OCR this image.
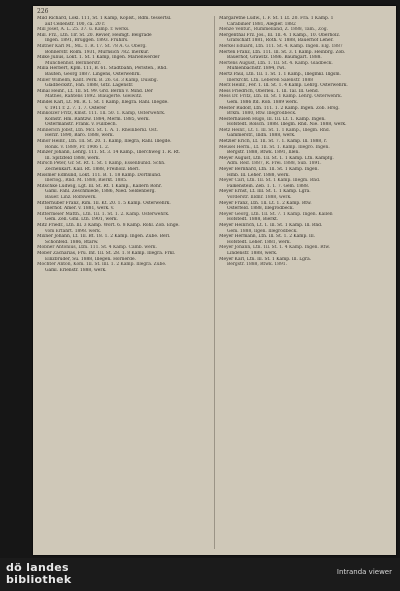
226
Mild Richard, Lokl. 111, St. 1 Kamp, Koplst., Rdm. tessertsl.
auf Cellenstr. 100, ca. 20 r.
Mill Josef, A. L. 25. 37. u. Kamp. r. werks.
Mill. Frz., Ltn. 1Ir. St. 20. Revier, Heimgt. Belgrade
Ingen. 1891, Brüggen. 1893. Frühlrs.
Miltner Karl M., ML. 1. R. 17. St. 78 A. G. Oberg.
Bohnerstr. Rolm. 1931, Mürnsich 782. merkur.
Milke Julius, Lokt. 1. St. 1 Kamp, Ingen. Marienwerder
Münchenhof. Berlinerstr.
Milla Herbert, Kpm. 111, B. 61. Stadtbahn, Perlsten., Rhd.
Bauten, Georg 1887. Lingens, Osterwehrk.
Miller Wilhelm, Kant. Perk. B. 26. Gl. 3 Kamp, Duisbg.
Gladbeckstr., Fah. 1888, Gltz. Lagenstr.
Minal Heinr., Lt. 1ll. St. 99. Grd. Berlin v. Mind. Der
Mathes, Rahtens 1892. Blaugerte. Gleiwitz.
Mindel Karl, Lt. Ml. R. 1. St. 1 Kamp, Illegra. Rahl. Illegde.
v. 1911 r. 2. 7. 1. 7. Osterer
Minkolzer Fritz, Kmst. 111. 1ll. 50. 1. Kamp, Osterwehrk.
Kölnstr. Hm. Rahtzw. 1884, Merm. 1885, werk.
Ostermanstr. Frank. v. Fullbech.
Minnerich Jobst, Ltn. Mcl. St. 1. A. 1. Rheinberkl. Ost.
Herzr. 1890, Baro. 1888, werk.
Minor Heinr., Ltn. 1ll. St. 20. 1. Kamp, Illegra, Rahl. Illegde.
Ronik. v. 1889, Fr. 1906 1. 2.
Minzer Johann, Lehrg. 111. St. 3. 14 Kamp., Illerchweg 1. R. Rt.
Ill. Spitzfeld 1888, werk.
Mirsch Peter, Gr. St. Rt. 1. St. 1 Kamp, Essenbühld. Schh.
Zechenkart. Kall. Rt. 1888, Freiholz. Bierl.
Missmer Edmund, Lokt. 111. B. 1. 18 Kamp. Dortmund.
Illerlog., Rnd. M. 1888, Bierkt. 1885.
Mitschke Ludwig, Lgt. Ill. St. Rt. 1 Kamp., Kallern Rohr.
Gaml. Fähl. Zeschmiede, 1886, Nied. Seldenberg.
Bauer. Linz. Rolfswerk.
Mitterhuber Franz, Rim. 1ll. Kt. 20. 1. 5 Kamp. Osterwehrk.
Illerhof. Amer. v. 1881, werk. v.
Mittermeier Matth., Ltn. 1ll. 1. St. 1. 2. Kamp. Osterwehrk.
Gem. Zell. Gml. Ltn. 1901, werk.
Mitz Friedr., Ltn. Ill. 3 Kamp. Wort. 6. 8 Kamp. Rohl. Zob. Enge.
vom Erfahrt. 1898. werk.
Mixner Johann, Lt. 1ll. Bt. 18. 1. 2 Kamp. Ingen. Zube. Berl.
Schönfeld. 1886, Rtarw.
Mobner Antonius, Ltm. 111. St. 4 Kamp. Camb. werk.
Mober Zacharias, Frü. Inf. 1ll. St. 28. 1. 8 Kamp. Illegra. Frkl.
Einzbrüder, Sü. 1888, Illegen. Hornerde.
Möchter Anton, Kom. 1ll. St. Illl. 1. 2 Kamp. Illegra. Zube.
Gaml. Erlenstr. 1888, werk.
Margarethe Ludw., I. F. St. 1 Lt. 20. Fra. 1 Kamp. 1
Carabinier 1881, Alegler. 1882
Menze Ventur., Rummelland, Z. 1888, Tam., Zog.
Mergenthal Frz. Jos., Ill. 1ll. 4. 1 Kamp., 10. Oberholz.
Grafschaft 1881, Roth. v. 1888, Bauerhof Leher.
Merkel Eduard, Ltn. 111. St. 4. Kamp. Ingen. Elg. 1887
Merten Franz, Ltn. 111. Ill. St. 3. 1 Kamp. Heinbrg. Zob.
Bauerhof, Grawitz. 1886. Baumgart. 1888.
Mertens August, Ltn. 1. 1ll. St. 4. Kamp. Gladbeck.
Mühlenbachstr. 1894, rwl.
Mertz Paul, Ltn. 1ll. 1. St. 1. 1 Kamp., Illegmkl. Illgsm.
Illerkrcht. Ltn. Leberen Salenstr. 1888
Merz Heinr., Fer. 1. Ill. St. 1. 4 Kamp. Lehrg. Osterwehrk.
Mess Friedrich, Oberleu. 1. Ill. Tal. Ill. Gend.
Mess Dr. Fritz, Ltn. Ill. St. 1 Kamp. Lehrg. Osterwehrk.
Gem. 1886 ltd. Rob. 1889 werk.
Mester Rudolf, Ltn. 111. 1. 2 Kamp. Ingen. Zob. Hrsg.
Brkm. 1880, Rtw. Illegrodbeck.
Mesterhausen Hugo, Ill. 1ll. Lt. 1. Kamp. Ingen.
Hofstedt. Rolsch. 1888. Illegm. Rnd. Nie. 1888, werk.
Metz Heinr., Lt. 1. Ill. St. 1. 1 Kamp., Illegm. Rnd.
Gammerstr., Illdn. 1888, werk.
Metzler Erich, Lt. 1ll. St. 7. 1. Kamp. Ill. 1888, r.
Meusel Herm., Lt. 1ll. St. 1. Kamp. Illegro. Ingen.
Bergstr. 1888, Rtwk. 1891, Illen.
Meyer August, Ltn. 1ll. St. 1. 1 Kamp. Ltn. Kampfg.
Adm. Reif. 1887, R. Frei. 1888, Sub. 1891.
Meyer Bernhard, Ltn. 1ll. St. 1 Kamp. Ingen.
Hmb. Ill. Leher. 1888, werk.
Meyer Carl, Ltn. 1ll. St. 1 Kamp. Illegm. Rnd.
Falkenstein. Zeb. 1. 1. 7. Gem. 1888.
Meyer Ernst, Lt. Illl. St. 1. 1 Kamp. Lgra.
Vorderstr. Illdnr. 1888, werk.
Meyer Franz, Ltn. 1ll. Lt. 1. 2 Kamp. Rtw.
Osterfeld. 1888, Illegrodbeck.
Meyer Georg, Ltn. 1ll. St. 7. 1 Kamp. Ingen. Kallen
Hofstedt. 1888, Bierkt.
Meyer Heinrich, Lt. 1. Ill. St. 1 Kamp. Ill. Rnd.
Gem. 1888, Ilgen. Illegrodbeck.
Meyer Hermann, Ltn. Ill. St. 1. 2 Kamp. Ill.
Hofstedt. Leher. 1881, werk.
Meyer Johann, Ltn. 1ll. St. 1. 4 Kamp. Ingen. Rtw.
Lindenstr. 1888, werk.
Meyer Karl, Ltn. Ill. St. 1 Kamp. Ill. Lgra.
Bergstr. 1888, Rtwk. 1891.
dö landes
bibliothek
Intranda viewer
